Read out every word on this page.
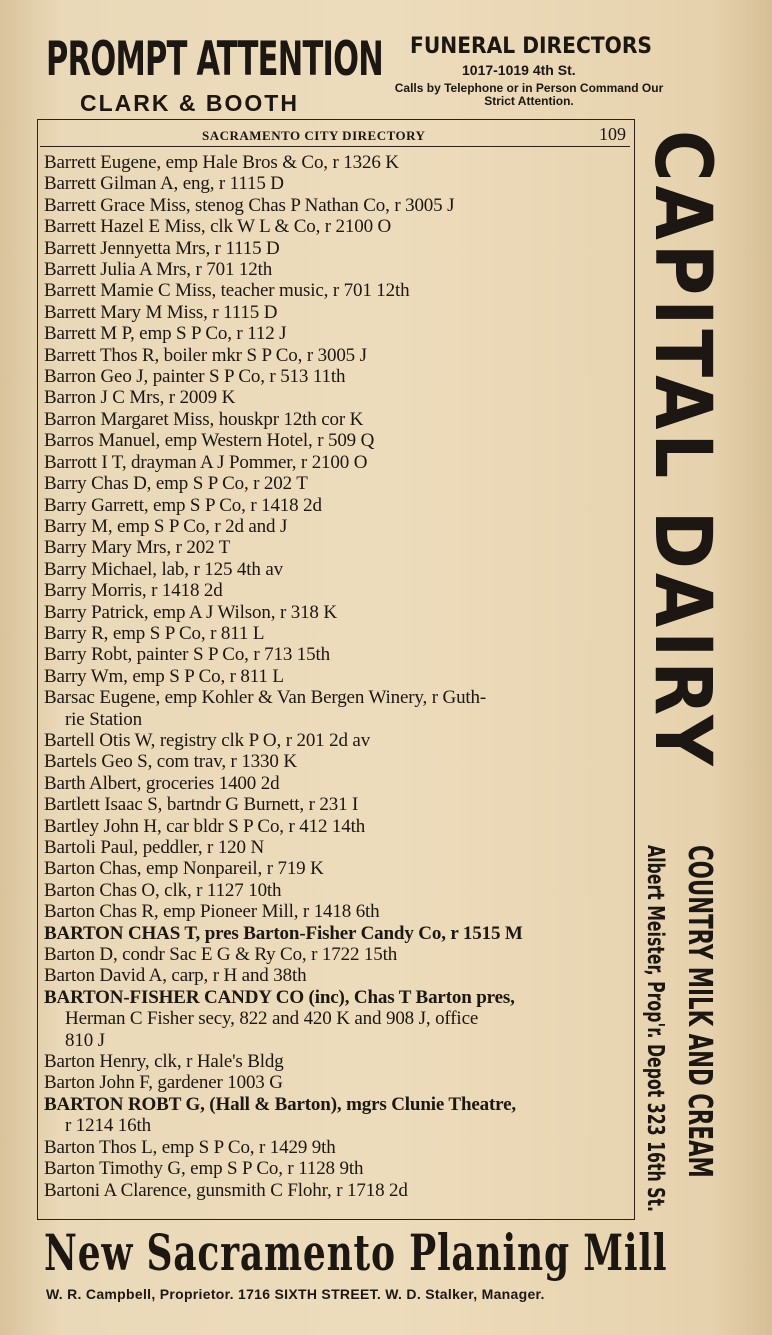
PROMPT ATTENTION
CLARK & BOOTH
FUNERAL DIRECTORS
1017-1019 4th St.
Calls by Telephone or in Person Command Our Strict Attention.
SACRAMENTO CITY DIRECTORY	109
Barrett Eugene, emp Hale Bros & Co, r 1326 K
Barrett Gilman A, eng, r 1115 D
Barrett Grace Miss, stenog Chas P Nathan Co, r 3005 J
Barrett Hazel E Miss, clk W L & Co, r 2100 O
Barrett Jennyetta Mrs, r 1115 D
Barrett Julia A Mrs, r 701 12th
Barrett Mamie C Miss, teacher music, r 701 12th
Barrett Mary M Miss, r 1115 D
Barrett M P, emp S P Co, r 112 J
Barrett Thos R, boiler mkr S P Co, r 3005 J
Barron Geo J, painter S P Co, r 513 11th
Barron J C Mrs, r 2009 K
Barron Margaret Miss, houskpr 12th cor K
Barros Manuel, emp Western Hotel, r 509 Q
Barrott I T, drayman A J Pommer, r 2100 O
Barry Chas D, emp S P Co, r 202 T
Barry Garrett, emp S P Co, r 1418 2d
Barry M, emp S P Co, r 2d and J
Barry Mary Mrs, r 202 T
Barry Michael, lab, r 125 4th av
Barry Morris, r 1418 2d
Barry Patrick, emp A J Wilson, r 318 K
Barry R, emp S P Co, r 811 L
Barry Robt, painter S P Co, r 713 15th
Barry Wm, emp S P Co, r 811 L
Barsac Eugene, emp Kohler & Van Bergen Winery, r Guth-
rie Station
Bartell Otis W, registry clk P O, r 201 2d av
Bartels Geo S, com trav, r 1330 K
Barth Albert, groceries 1400 2d
Bartlett Isaac S, bartndr G Burnett, r 231 I
Bartley John H, car bldr S P Co, r 412 14th
Bartoli Paul, peddler, r 120 N
Barton Chas, emp Nonpareil, r 719 K
Barton Chas O, clk, r 1127 10th
Barton Chas R, emp Pioneer Mill, r 1418 6th
BARTON CHAS T, pres Barton-Fisher Candy Co, r 1515 M
Barton D, condr Sac E G & Ry Co, r 1722 15th
Barton David A, carp, r H and 38th
BARTON-FISHER CANDY CO (inc), Chas T Barton pres,
Herman C Fisher secy, 822 and 420 K and 908 J, office
810 J
Barton Henry, clk, r Hale's Bldg
Barton John F, gardener 1003 G
BARTON ROBT G, (Hall & Barton), mgrs Clunie Theatre,
r 1214 16th
Barton Thos L, emp S P Co, r 1429 9th
Barton Timothy G, emp S P Co, r 1128 9th
Bartoni A Clarence, gunsmith C Flohr, r 1718 2d
CAPITAL DAIRY
Albert Meister, Prop'r. Depot 323 16th St. COUNTRY MILK AND CREAM
New Sacramento Planing Mill
W. R. Campbell, Proprietor. 1716 SIXTH STREET. W. D. Stalker, Manager.
